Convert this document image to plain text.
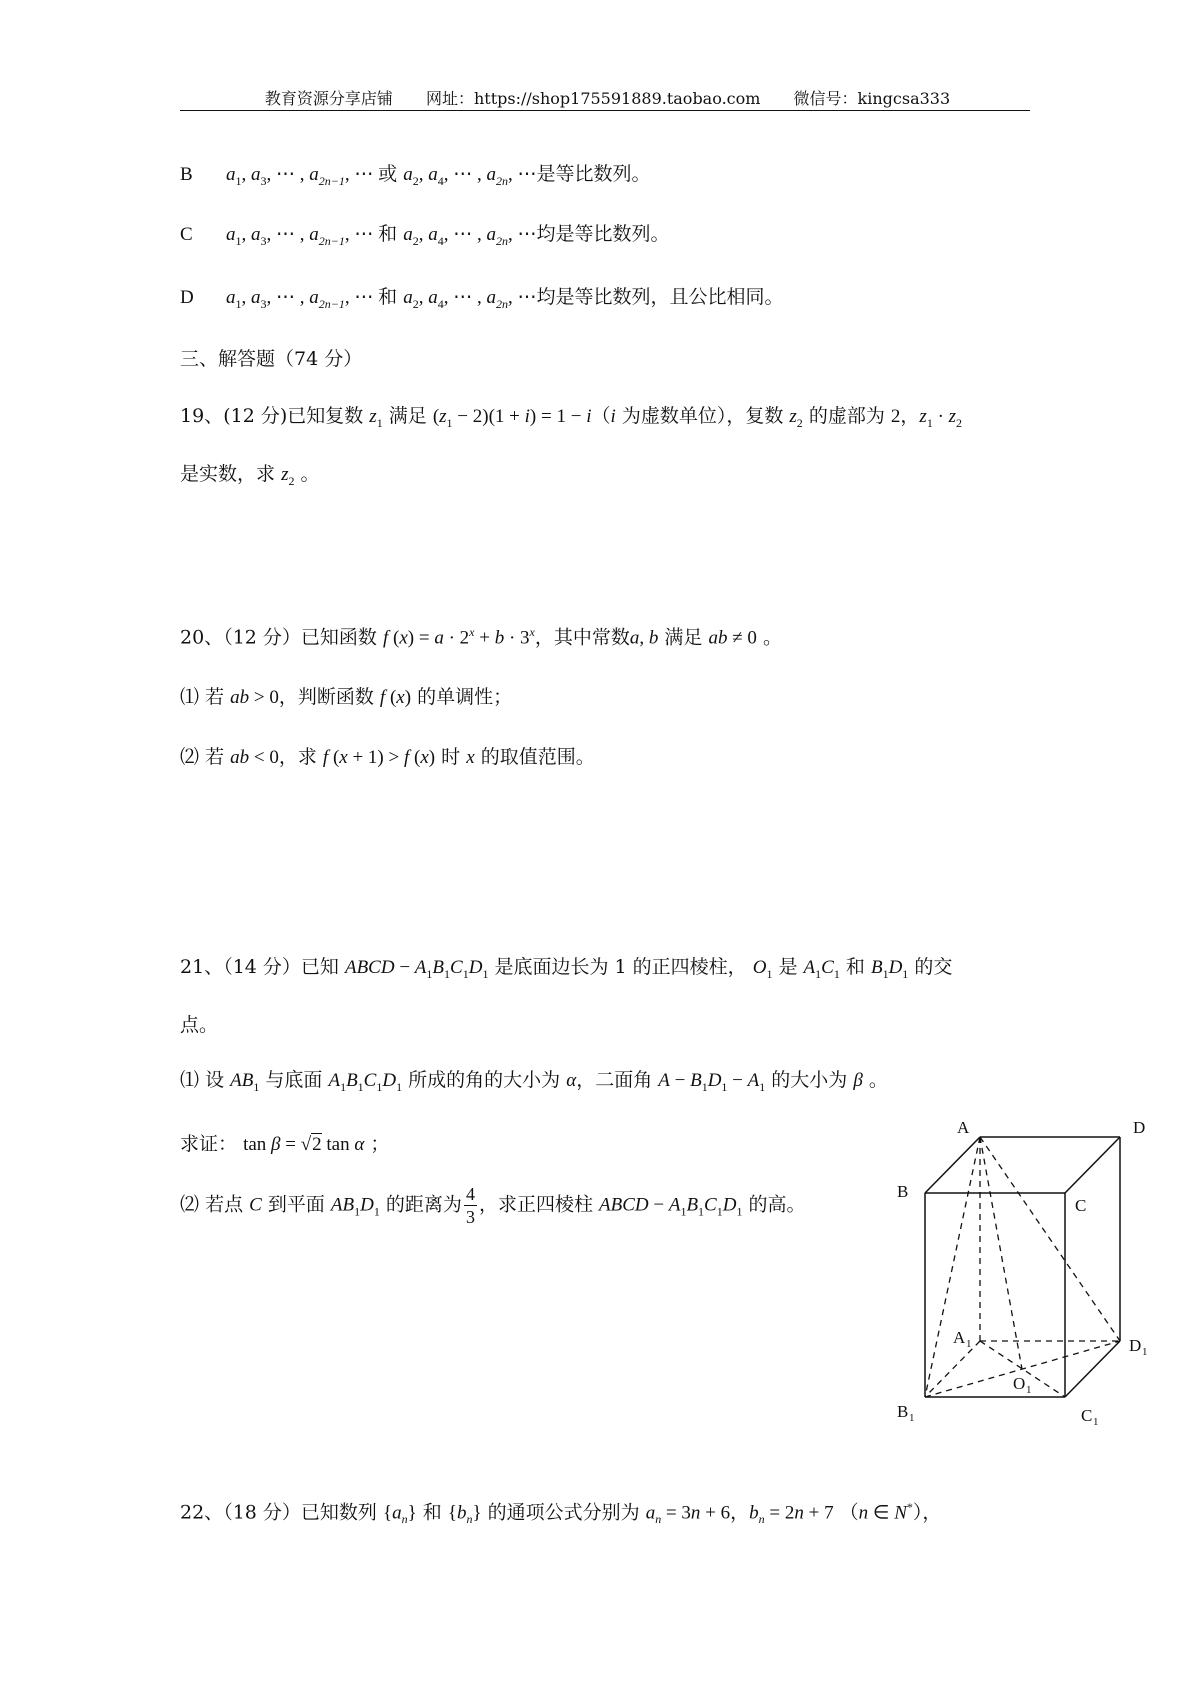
教育资源分享店铺 网址：https://shop175591889.taobao.com 微信号：kingcsa333
B $a_1$, $a_3$, ⋯ , $a_{2n-1}$, ⋯ 或 $a_2$, $a_4$, ⋯ , $a_{2n}$, ⋯是等比数列。
C $a_1$, $a_3$, ⋯ , $a_{2n-1}$, ⋯ 和 $a_2$, $a_4$, ⋯ , $a_{2n}$, ⋯均是等比数列。
D $a_1$, $a_3$, ⋯ , $a_{2n-1}$, ⋯ 和 $a_2$, $a_4$, ⋯ , $a_{2n}$, ⋯均是等比数列，且公比相同。
三、解答题（74 分）
19、(12 分)已知复数 $z_1$ 满足 $(z_1 - 2)(1 + i) = 1 - i(i$ 为虚数单位），复数 $z_2$ 的虚部为 2，$z_1 \cdot z_2$
是实数，求 $z_2$ 。
20、（12 分）已知函数 f $(x) = a \cdot 2^x + b \cdot 3^x$，其中常数a, b 满足 ab ≠ 0 。
⑴ 若 ab > 0，判断函数 f (x) 的单调性；
⑵ 若 ab < 0，求 f (x + 1) > f (x) 时 x 的取值范围。
21、（14 分）已知 ABCD − $A_1B_1C_1D_1$ 是底面边长为 1 的正四棱柱， $O_1$ 是 $A_1C_1$ 和 $B_1D_1$ 的交
点。
⑴ 设 $AB_1$ 与底面 $A_1B_1C_1D_1$ 所成的角的大小为 α，二面角 $A - B_1D_1 - A_1$ 的大小为 β 。
求证： tan β = √2 tan α ；
⑵ 若点 C 到平面 $AB_1D_1$ 的距离为 $\frac{4}{3}$ ，求正四棱柱 ABCD − $A_1B_1C_1D_1$ 的高。
A	D
B
C
A 1	D 1
O 1
B 1	C 1
22、（18 分）已知数列 $\{a_n\}$ 和 $\{b_n\}$ 的通项公式分别为 $a_n = 3n + 6$，$b_n = 2n + 7$ （n ∈ N*），
